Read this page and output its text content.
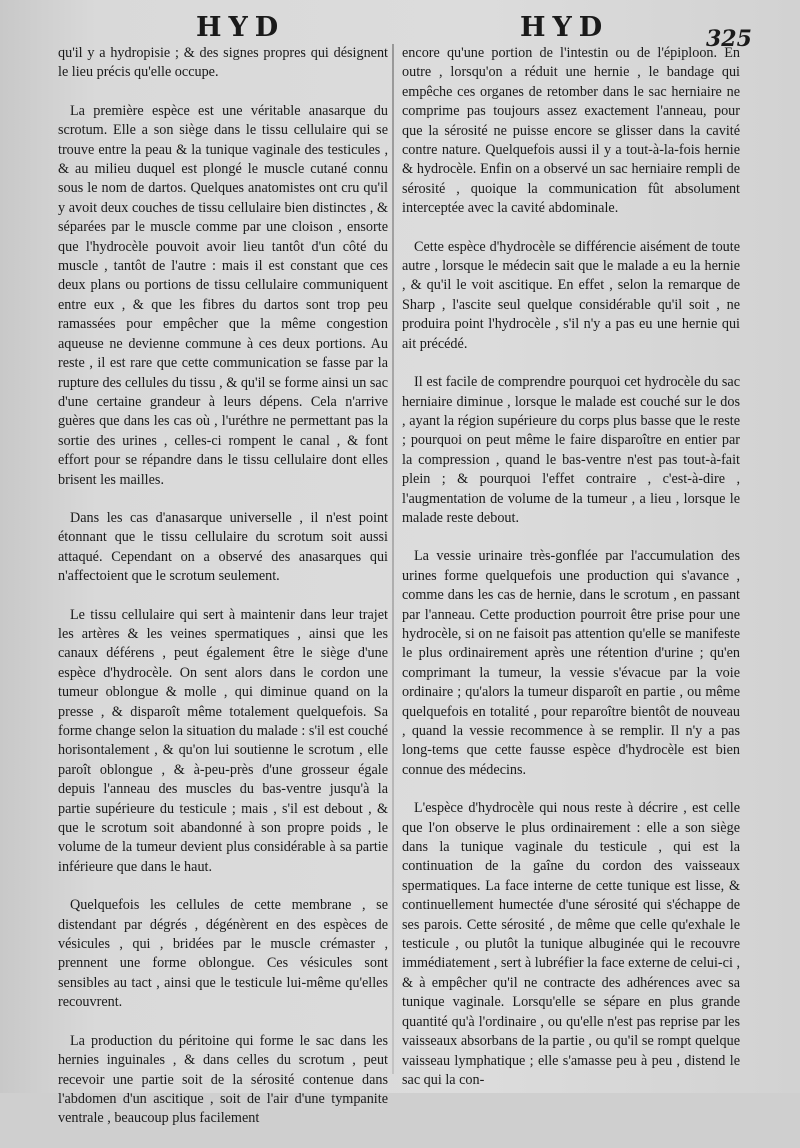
HYD	HYD	325

qu'il y a hydropisie ; & des signes propres qui désignent le lieu précis qu'elle occupe.

La première espèce est une véritable anasarque du scrotum. Elle a son siège dans le tissu cellulaire qui se trouve entre la peau & la tunique vaginale des testicules , & au milieu duquel est plongé le muscle cutané connu sous le nom de dartos. Quelques anatomistes ont cru qu'il y avoit deux couches de tissu cellulaire bien distinctes , & séparées par le muscle comme par une cloison , ensorte que l'hydrocèle pouvoit avoir lieu tantôt d'un côté du muscle , tantôt de l'autre : mais il est constant que ces deux plans ou portions de tissu cellulaire communiquent entre eux , & que les fibres du dartos sont trop peu ramassées pour empêcher que la même congestion aqueuse ne devienne commune à ces deux portions. Au reste , il est rare que cette communication se fasse par la rupture des cellules du tissu , & qu'il se forme ainsi un sac d'une certaine grandeur à leurs dépens. Cela n'arrive guères que dans les cas où , l'uréthre ne permettant pas la sortie des urines , celles-ci rompent le canal , & font effort pour se répandre dans le tissu cellulaire dont elles brisent les mailles.

Dans les cas d'anasarque universelle , il n'est point étonnant que le tissu cellulaire du scrotum soit aussi attaqué. Cependant on a observé des anasarques qui n'affectoient que le scrotum seulement.

Le tissu cellulaire qui sert à maintenir dans leur trajet les artères & les veines spermatiques , ainsi que les canaux déférens , peut également être le siège d'une espèce d'hydrocèle. On sent alors dans le cordon une tumeur oblongue & molle , qui diminue quand on la presse , & disparoît même totalement quelquefois. Sa forme change selon la situation du malade : s'il est couché horisontalement , & qu'on lui soutienne le scrotum , elle paroît oblongue , & à-peu-près d'une grosseur égale depuis l'anneau des muscles du bas-ventre jusqu'à la partie supérieure du testicule ; mais , s'il est debout , & que le scrotum soit abandonné à son propre poids , le volume de la tumeur devient plus considérable à sa partie inférieure que dans le haut.

Quelquefois les cellules de cette membrane , se distendant par dégrés , dégénèrent en des espèces de vésicules , qui , bridées par le muscle crémaster , prennent une forme oblongue. Ces vésicules sont sensibles au tact , ainsi que le testicule lui-même qu'elles recouvrent.

La production du péritoine qui forme le sac dans les hernies inguinales , & dans celles du scrotum , peut recevoir une partie soit de la sérosité contenue dans l'abdomen d'un ascitique , soit de l'air d'une tympanite ventrale , beaucoup plus facilement

encore qu'une portion de l'intestin ou de l'épiploon. En outre , lorsqu'on a réduit une hernie , le bandage qui empêche ces organes de retomber dans le sac herniaire ne comprime pas toujours assez exactement l'anneau, pour que la sérosité ne puisse encore se glisser dans la cavité contre nature. Quelquefois aussi il y a tout-à-la-fois hernie & hydrocèle. Enfin on a observé un sac herniaire rempli de sérosité , quoique la communication fût absolument interceptée avec la cavité abdominale.

Cette espèce d'hydrocèle se différencie aisément de toute autre , lorsque le médecin sait que le malade a eu la hernie , & qu'il le voit ascitique. En effet , selon la remarque de Sharp , l'ascite seul quelque considérable qu'il soit , ne produira point l'hydrocèle , s'il n'y a pas eu une hernie qui ait précédé.

Il est facile de comprendre pourquoi cet hydrocèle du sac herniaire diminue , lorsque le malade est couché sur le dos , ayant la région supérieure du corps plus basse que le reste ; pourquoi on peut même le faire disparoître en entier par la compression , quand le bas-ventre n'est pas tout-à-fait plein ; & pourquoi l'effet contraire , c'est-à-dire , l'augmentation de volume de la tumeur , a lieu , lorsque le malade reste debout.

La vessie urinaire très-gonflée par l'accumulation des urines forme quelquefois une production qui s'avance , comme dans les cas de hernie, dans le scrotum , en passant par l'anneau. Cette production pourroit être prise pour une hydrocèle, si on ne faisoit pas attention qu'elle se manifeste le plus ordinairement après une rétention d'urine ; qu'en comprimant la tumeur, la vessie s'évacue par la voie ordinaire ; qu'alors la tumeur disparoît en partie , ou même quelquefois en totalité , pour reparoître bientôt de nouveau , quand la vessie recommence à se remplir. Il n'y a pas long-tems que cette fausse espèce d'hydrocèle est bien connue des médecins.

L'espèce d'hydrocèle qui nous reste à décrire , est celle que l'on observe le plus ordinairement : elle a son siège dans la tunique vaginale du testicule , qui est la continuation de la gaîne du cordon des vaisseaux spermatiques. La face interne de cette tunique est lisse, & continuellement humectée d'une sérosité qui s'échappe de ses parois. Cette sérosité , de même que celle qu'exhale le testicule , ou plutôt la tunique albuginée qui le recouvre immédiatement , sert à lubréfier la face externe de celui-ci , & à empêcher qu'il ne contracte des adhérences avec sa tunique vaginale. Lorsqu'elle se sépare en plus grande quantité qu'à l'ordinaire , ou qu'elle n'est pas reprise par les vaisseaux absorbans de la partie , ou qu'il se rompt quelque vaisseau lymphatique ; elle s'amasse peu à peu , distend le sac qui la con-
